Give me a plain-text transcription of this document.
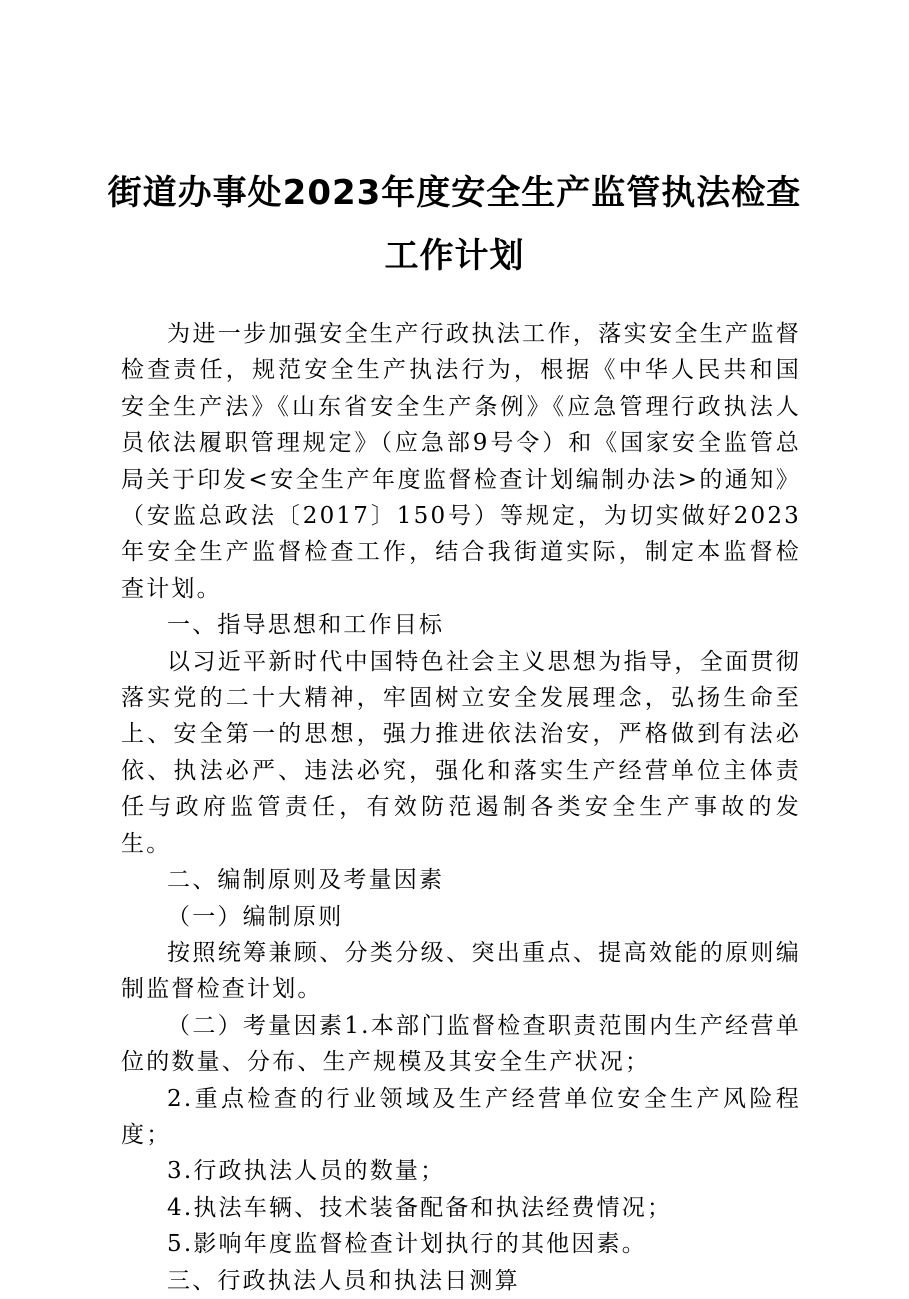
街道办事处2023年度安全生产监管执法检查
工作计划

为进一步加强安全生产行政执法工作，落实安全生产监督检查责任，规范安全生产执法行为，根据《中华人民共和国安全生产法》《山东省安全生产条例》《应急管理行政执法人员依法履职管理规定》（应急部9号令）和《国家安全监管总局关于印发<安全生产年度监督检查计划编制办法>的通知》（安监总政法〔2017〕150号）等规定，为切实做好2023年安全生产监督检查工作，结合我街道实际，制定本监督检查计划。

一、指导思想和工作目标

以习近平新时代中国特色社会主义思想为指导，全面贯彻落实党的二十大精神，牢固树立安全发展理念，弘扬生命至上、安全第一的思想，强力推进依法治安，严格做到有法必依、执法必严、违法必究，强化和落实生产经营单位主体责任与政府监管责任，有效防范遏制各类安全生产事故的发生。

二、编制原则及考量因素

（一）编制原则

按照统筹兼顾、分类分级、突出重点、提高效能的原则编制监督检查计划。

（二）考量因素1.本部门监督检查职责范围内生产经营单位的数量、分布、生产规模及其安全生产状况；

2.重点检查的行业领域及生产经营单位安全生产风险程度；

3.行政执法人员的数量；

4.执法车辆、技术装备配备和执法经费情况；

5.影响年度监督检查计划执行的其他因素。

三、行政执法人员和执法日测算
